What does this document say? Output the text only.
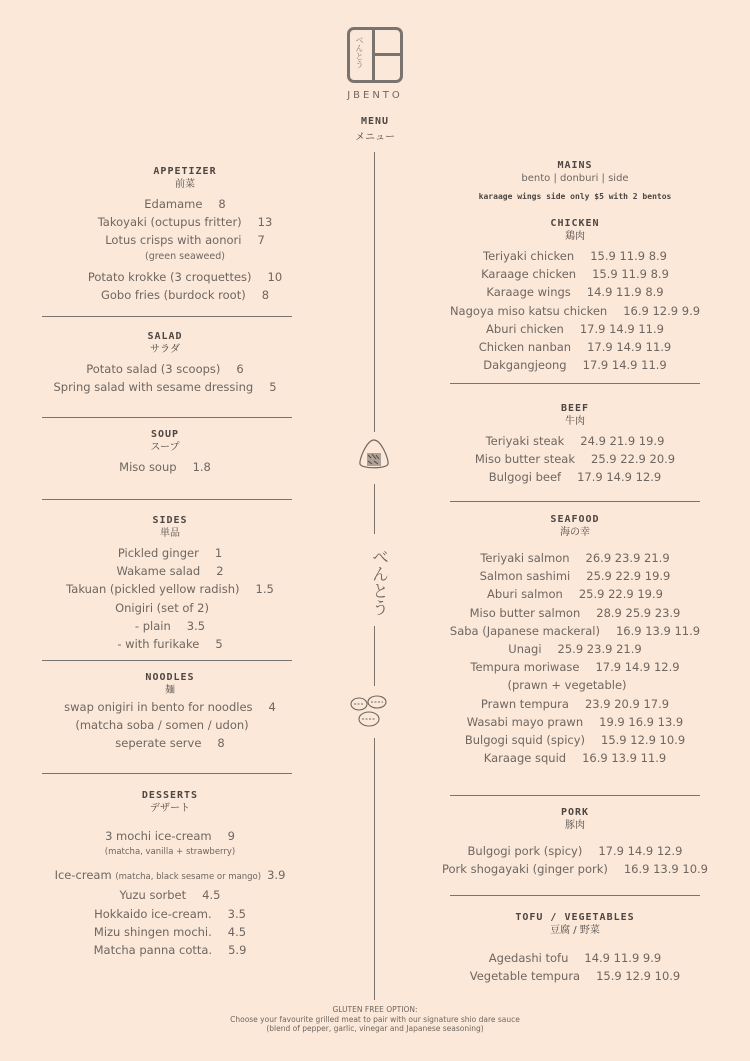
べんとう
JBENTO
MENU
メニュー
べんとう
APPETIZER
前菜
Edamame 8
Takoyaki (octupus fritter) 13
Lotus crisps with aonori 7
(green seaweed)
Potato krokke (3 croquettes) 10
Gobo fries (burdock root) 8
SALAD
サラダ
Potato salad (3 scoops) 6
Spring salad with sesame dressing 5
SOUP
スープ
Miso soup 1.8
SIDES
単品
Pickled ginger 1
Wakame salad 2
Takuan (pickled yellow radish) 1.5
Onigiri (set of 2)
- plain 3.5
- with furikake 5
NOODLES
麺
swap onigiri in bento for noodles 4
(matcha soba / somen / udon)
seperate serve 8
DESSERTS
デザート
3 mochi ice-cream 9
(matcha, vanilla + strawberry)
Ice-cream (matcha, black sesame or mango) 3.9
Yuzu sorbet 4.5
Hokkaido ice-cream. 3.5
Mizu shingen mochi. 4.5
Matcha panna cotta. 5.9
MAINS
bento | donburi | side
karaage wings side only $5 with 2 bentos
CHICKEN
鶏肉
Teriyaki chicken 15.9 11.9 8.9
Karaage chicken 15.9 11.9 8.9
Karaage wings 14.9 11.9 8.9
Nagoya miso katsu chicken 16.9 12.9 9.9
Aburi chicken 17.9 14.9 11.9
Chicken nanban 17.9 14.9 11.9
Dakgangjeong 17.9 14.9 11.9
BEEF
牛肉
Teriyaki steak 24.9 21.9 19.9
Miso butter steak 25.9 22.9 20.9
Bulgogi beef 17.9 14.9 12.9
SEAFOOD
海の幸
Teriyaki salmon 26.9 23.9 21.9
Salmon sashimi 25.9 22.9 19.9
Aburi salmon 25.9 22.9 19.9
Miso butter salmon 28.9 25.9 23.9
Saba (Japanese mackeral) 16.9 13.9 11.9
Unagi 25.9 23.9 21.9
Tempura moriwase 17.9 14.9 12.9
(prawn + vegetable)
Prawn tempura 23.9 20.9 17.9
Wasabi mayo prawn 19.9 16.9 13.9
Bulgogi squid (spicy) 15.9 12.9 10.9
Karaage squid 16.9 13.9 11.9
PORK
豚肉
Bulgogi pork (spicy) 17.9 14.9 12.9
Pork shogayaki (ginger pork) 16.9 13.9 10.9
TOFU / VEGETABLES
豆腐 / 野菜
Agedashi tofu 14.9 11.9 9.9
Vegetable tempura 15.9 12.9 10.9
GLUTEN FREE OPTION:
Choose your favourite grilled meat to pair with our signature shio dare sauce
(blend of pepper, garlic, vinegar and Japanese seasoning)
